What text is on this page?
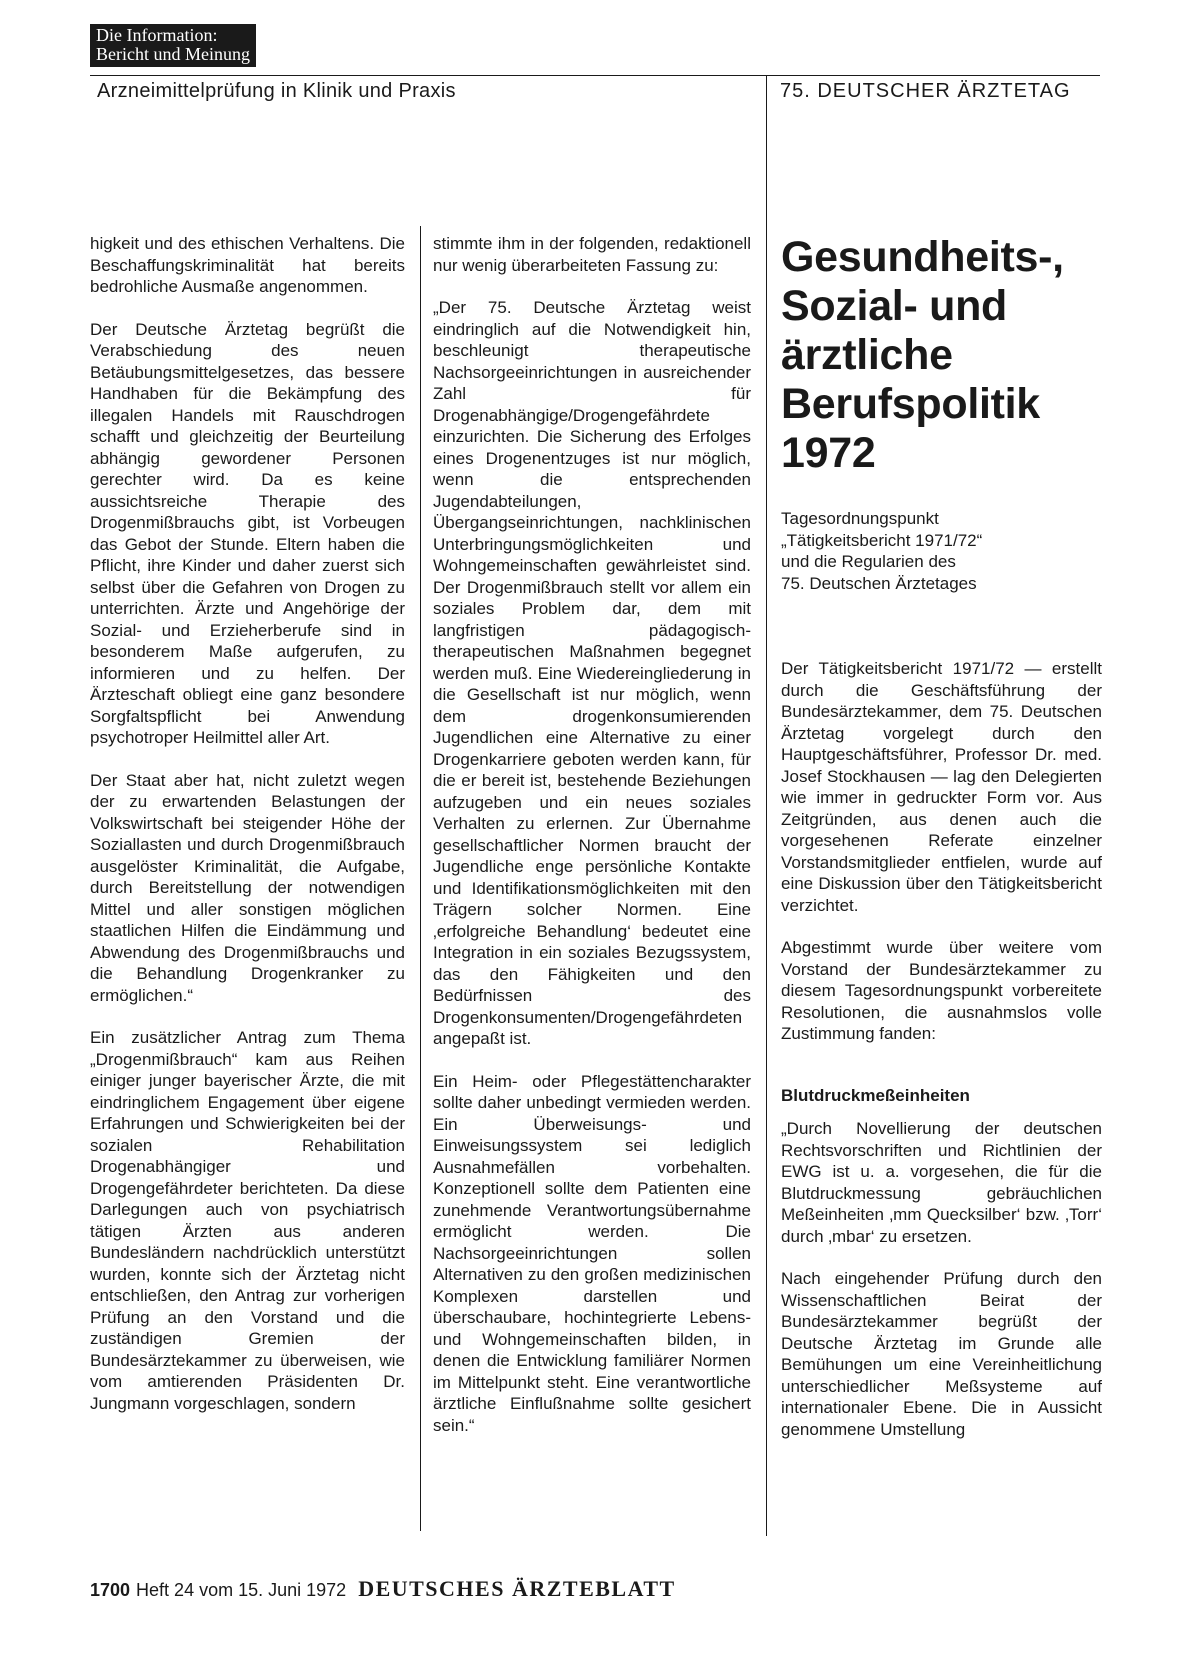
Die Information:
Bericht und Meinung
Arzneimittelprüfung in Klinik und Praxis	75. DEUTSCHER ÄRZTETAG

higkeit und des ethischen Verhaltens. Die Beschaffungskriminalität hat bereits bedrohliche Ausmaße angenommen.

Der Deutsche Ärztetag begrüßt die Verabschiedung des neuen Betäubungsmittelgesetzes, das bessere Handhaben für die Bekämpfung des illegalen Handels mit Rauschdrogen schafft und gleichzeitig der Beurteilung abhängig gewordener Personen gerechter wird. Da es keine aussichtsreiche Therapie des Drogenmißbrauchs gibt, ist Vorbeugen das Gebot der Stunde. Eltern haben die Pflicht, ihre Kinder und daher zuerst sich selbst über die Gefahren von Drogen zu unterrichten. Ärzte und Angehörige der Sozial- und Erzieherberufe sind in besonderem Maße aufgerufen, zu informieren und zu helfen. Der Ärzteschaft obliegt eine ganz besondere Sorgfaltspflicht bei Anwendung psychotroper Heilmittel aller Art.

Der Staat aber hat, nicht zuletzt wegen der zu erwartenden Belastungen der Volkswirtschaft bei steigender Höhe der Soziallasten und durch Drogenmißbrauch ausgelöster Kriminalität, die Aufgabe, durch Bereitstellung der notwendigen Mittel und aller sonstigen möglichen staatlichen Hilfen die Eindämmung und Abwendung des Drogenmißbrauchs und die Behandlung Drogenkranker zu ermöglichen.“

Ein zusätzlicher Antrag zum Thema „Drogenmißbrauch“ kam aus Reihen einiger junger bayerischer Ärzte, die mit eindringlichem Engagement über eigene Erfahrungen und Schwierigkeiten bei der sozialen Rehabilitation Drogenabhängiger und Drogengefährdeter berichteten. Da diese Darlegungen auch von psychiatrisch tätigen Ärzten aus anderen Bundesländern nachdrücklich unterstützt wurden, konnte sich der Ärztetag nicht entschließen, den Antrag zur vorherigen Prüfung an den Vorstand und die zuständigen Gremien der Bundesärztekammer zu überweisen, wie vom amtierenden Präsidenten Dr. Jungmann vorgeschlagen, sondern

stimmte ihm in der folgenden, redaktionell nur wenig überarbeiteten Fassung zu:

„Der 75. Deutsche Ärztetag weist eindringlich auf die Notwendigkeit hin, beschleunigt therapeutische Nachsorgeeinrichtungen in ausreichender Zahl für Drogenabhängige/Drogengefährdete einzurichten. Die Sicherung des Erfolges eines Drogenentzuges ist nur möglich, wenn die entsprechenden Jugendabteilungen, Übergangseinrichtungen, nachklinischen Unterbringungsmöglichkeiten und Wohngemeinschaften gewährleistet sind. Der Drogenmißbrauch stellt vor allem ein soziales Problem dar, dem mit langfristigen pädagogisch-therapeutischen Maßnahmen begegnet werden muß. Eine Wiedereingliederung in die Gesellschaft ist nur möglich, wenn dem drogenkonsumierenden Jugendlichen eine Alternative zu einer Drogenkarriere geboten werden kann, für die er bereit ist, bestehende Beziehungen aufzugeben und ein neues soziales Verhalten zu erlernen. Zur Übernahme gesellschaftlicher Normen braucht der Jugendliche enge persönliche Kontakte und Identifikationsmöglichkeiten mit den Trägern solcher Normen. Eine ‚erfolgreiche Behandlung‘ bedeutet eine Integration in ein soziales Bezugssystem, das den Fähigkeiten und den Bedürfnissen des Drogenkonsumenten/Drogengefährdeten angepaßt ist.

Ein Heim- oder Pflegestättencharakter sollte daher unbedingt vermieden werden. Ein Überweisungs- und Einweisungssystem sei lediglich Ausnahmefällen vorbehalten. Konzeptionell sollte dem Patienten eine zunehmende Verantwortungsübernahme ermöglicht werden. Die Nachsorgeeinrichtungen sollen Alternativen zu den großen medizinischen Komplexen darstellen und überschaubare, hochintegrierte Lebens- und Wohngemeinschaften bilden, in denen die Entwicklung familiärer Normen im Mittelpunkt steht. Eine verantwortliche ärztliche Einflußnahme sollte gesichert sein.“

Gesundheits-, Sozial- und ärztliche Berufspolitik 1972
Tagesordnungspunkt
„Tätigkeitsbericht 1971/72“
und die Regularien des
75. Deutschen Ärztetages

Der Tätigkeitsbericht 1971/72 — erstellt durch die Geschäftsführung der Bundesärztekammer, dem 75. Deutschen Ärztetag vorgelegt durch den Hauptgeschäftsführer, Professor Dr. med. Josef Stockhausen — lag den Delegierten wie immer in gedruckter Form vor. Aus Zeitgründen, aus denen auch die vorgesehenen Referate einzelner Vorstandsmitglieder entfielen, wurde auf eine Diskussion über den Tätigkeitsbericht verzichtet.

Abgestimmt wurde über weitere vom Vorstand der Bundesärztekammer zu diesem Tagesordnungspunkt vorbereitete Resolutionen, die ausnahmslos volle Zustimmung fanden:

Blutdruckmeßeinheiten

„Durch Novellierung der deutschen Rechtsvorschriften und Richtlinien der EWG ist u. a. vorgesehen, die für die Blutdruckmessung gebräuchlichen Meßeinheiten ‚mm Quecksilber‘ bzw. ‚Torr‘ durch ‚mbar‘ zu ersetzen.

Nach eingehender Prüfung durch den Wissenschaftlichen Beirat der Bundesärztekammer begrüßt der Deutsche Ärztetag im Grunde alle Bemühungen um eine Vereinheitlichung unterschiedlicher Meßsysteme auf internationaler Ebene. Die in Aussicht genommene Umstellung

1700 Heft 24 vom 15. Juni 1972 DEUTSCHES ÄRZTEBLATT
